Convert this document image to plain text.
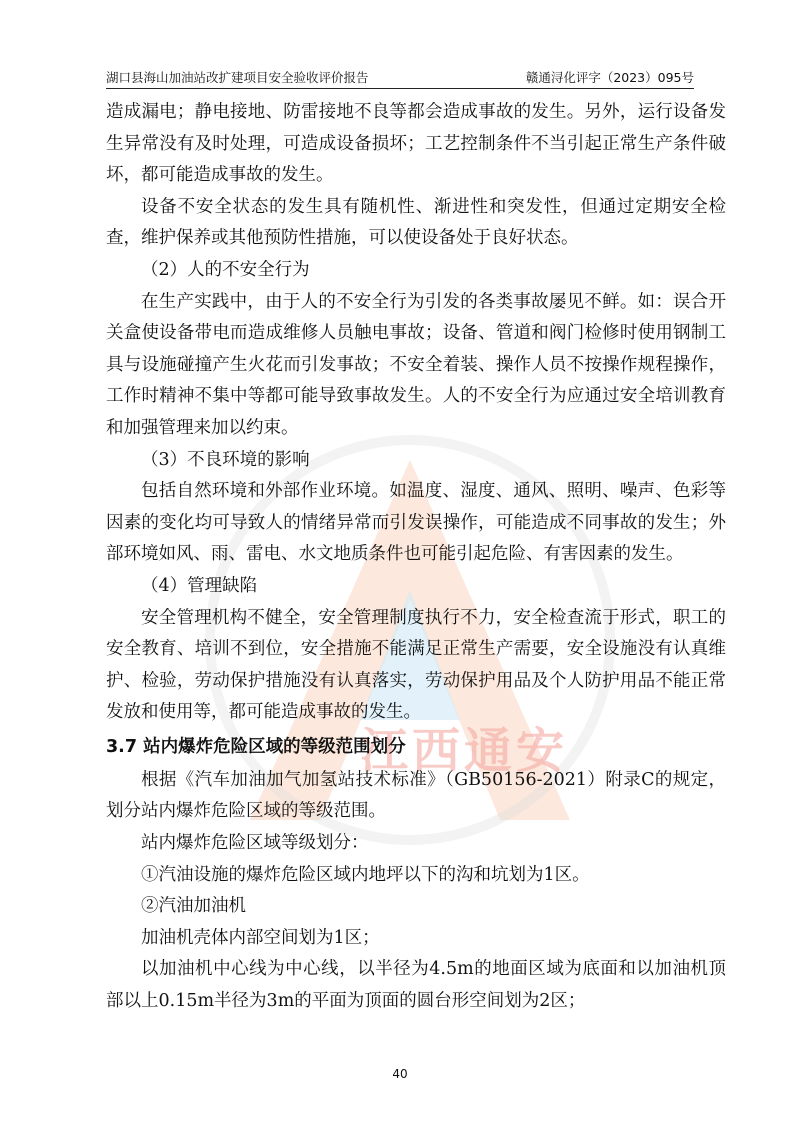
湖口县海山加油站改扩建项目安全验收评价报告	赣通浔化评字（2023）095号
江西通安

造成漏电；静电接地、防雷接地不良等都会造成事故的发生。另外，运行设备发生异常没有及时处理，可造成设备损坏；工艺控制条件不当引起正常生产条件破坏，都可能造成事故的发生。

设备不安全状态的发生具有随机性、渐进性和突发性，但通过定期安全检查，维护保养或其他预防性措施，可以使设备处于良好状态。

（2）人的不安全行为

在生产实践中，由于人的不安全行为引发的各类事故屡见不鲜。如：误合开关盒使设备带电而造成维修人员触电事故；设备、管道和阀门检修时使用钢制工具与设施碰撞产生火花而引发事故；不安全着装、操作人员不按操作规程操作，工作时精神不集中等都可能导致事故发生。人的不安全行为应通过安全培训教育和加强管理来加以约束。

（3）不良环境的影响

包括自然环境和外部作业环境。如温度、湿度、通风、照明、噪声、色彩等因素的变化均可导致人的情绪异常而引发误操作，可能造成不同事故的发生；外部环境如风、雨、雷电、水文地质条件也可能引起危险、有害因素的发生。

（4）管理缺陷

安全管理机构不健全，安全管理制度执行不力，安全检查流于形式，职工的安全教育、培训不到位，安全措施不能满足正常生产需要，安全设施没有认真维护、检验，劳动保护措施没有认真落实，劳动保护用品及个人防护用品不能正常发放和使用等，都可能造成事故的发生。

3.7 站内爆炸危险区域的等级范围划分

根据《汽车加油加气加氢站技术标准》（GB50156-2021）附录C的规定，划分站内爆炸危险区域的等级范围。

站内爆炸危险区域等级划分：

①汽油设施的爆炸危险区域内地坪以下的沟和坑划为1区。

②汽油加油机

加油机壳体内部空间划为1区；

以加油机中心线为中心线，以半径为4.5m的地面区域为底面和以加油机顶部以上0.15m半径为3m的平面为顶面的圆台形空间划为2区；

40
